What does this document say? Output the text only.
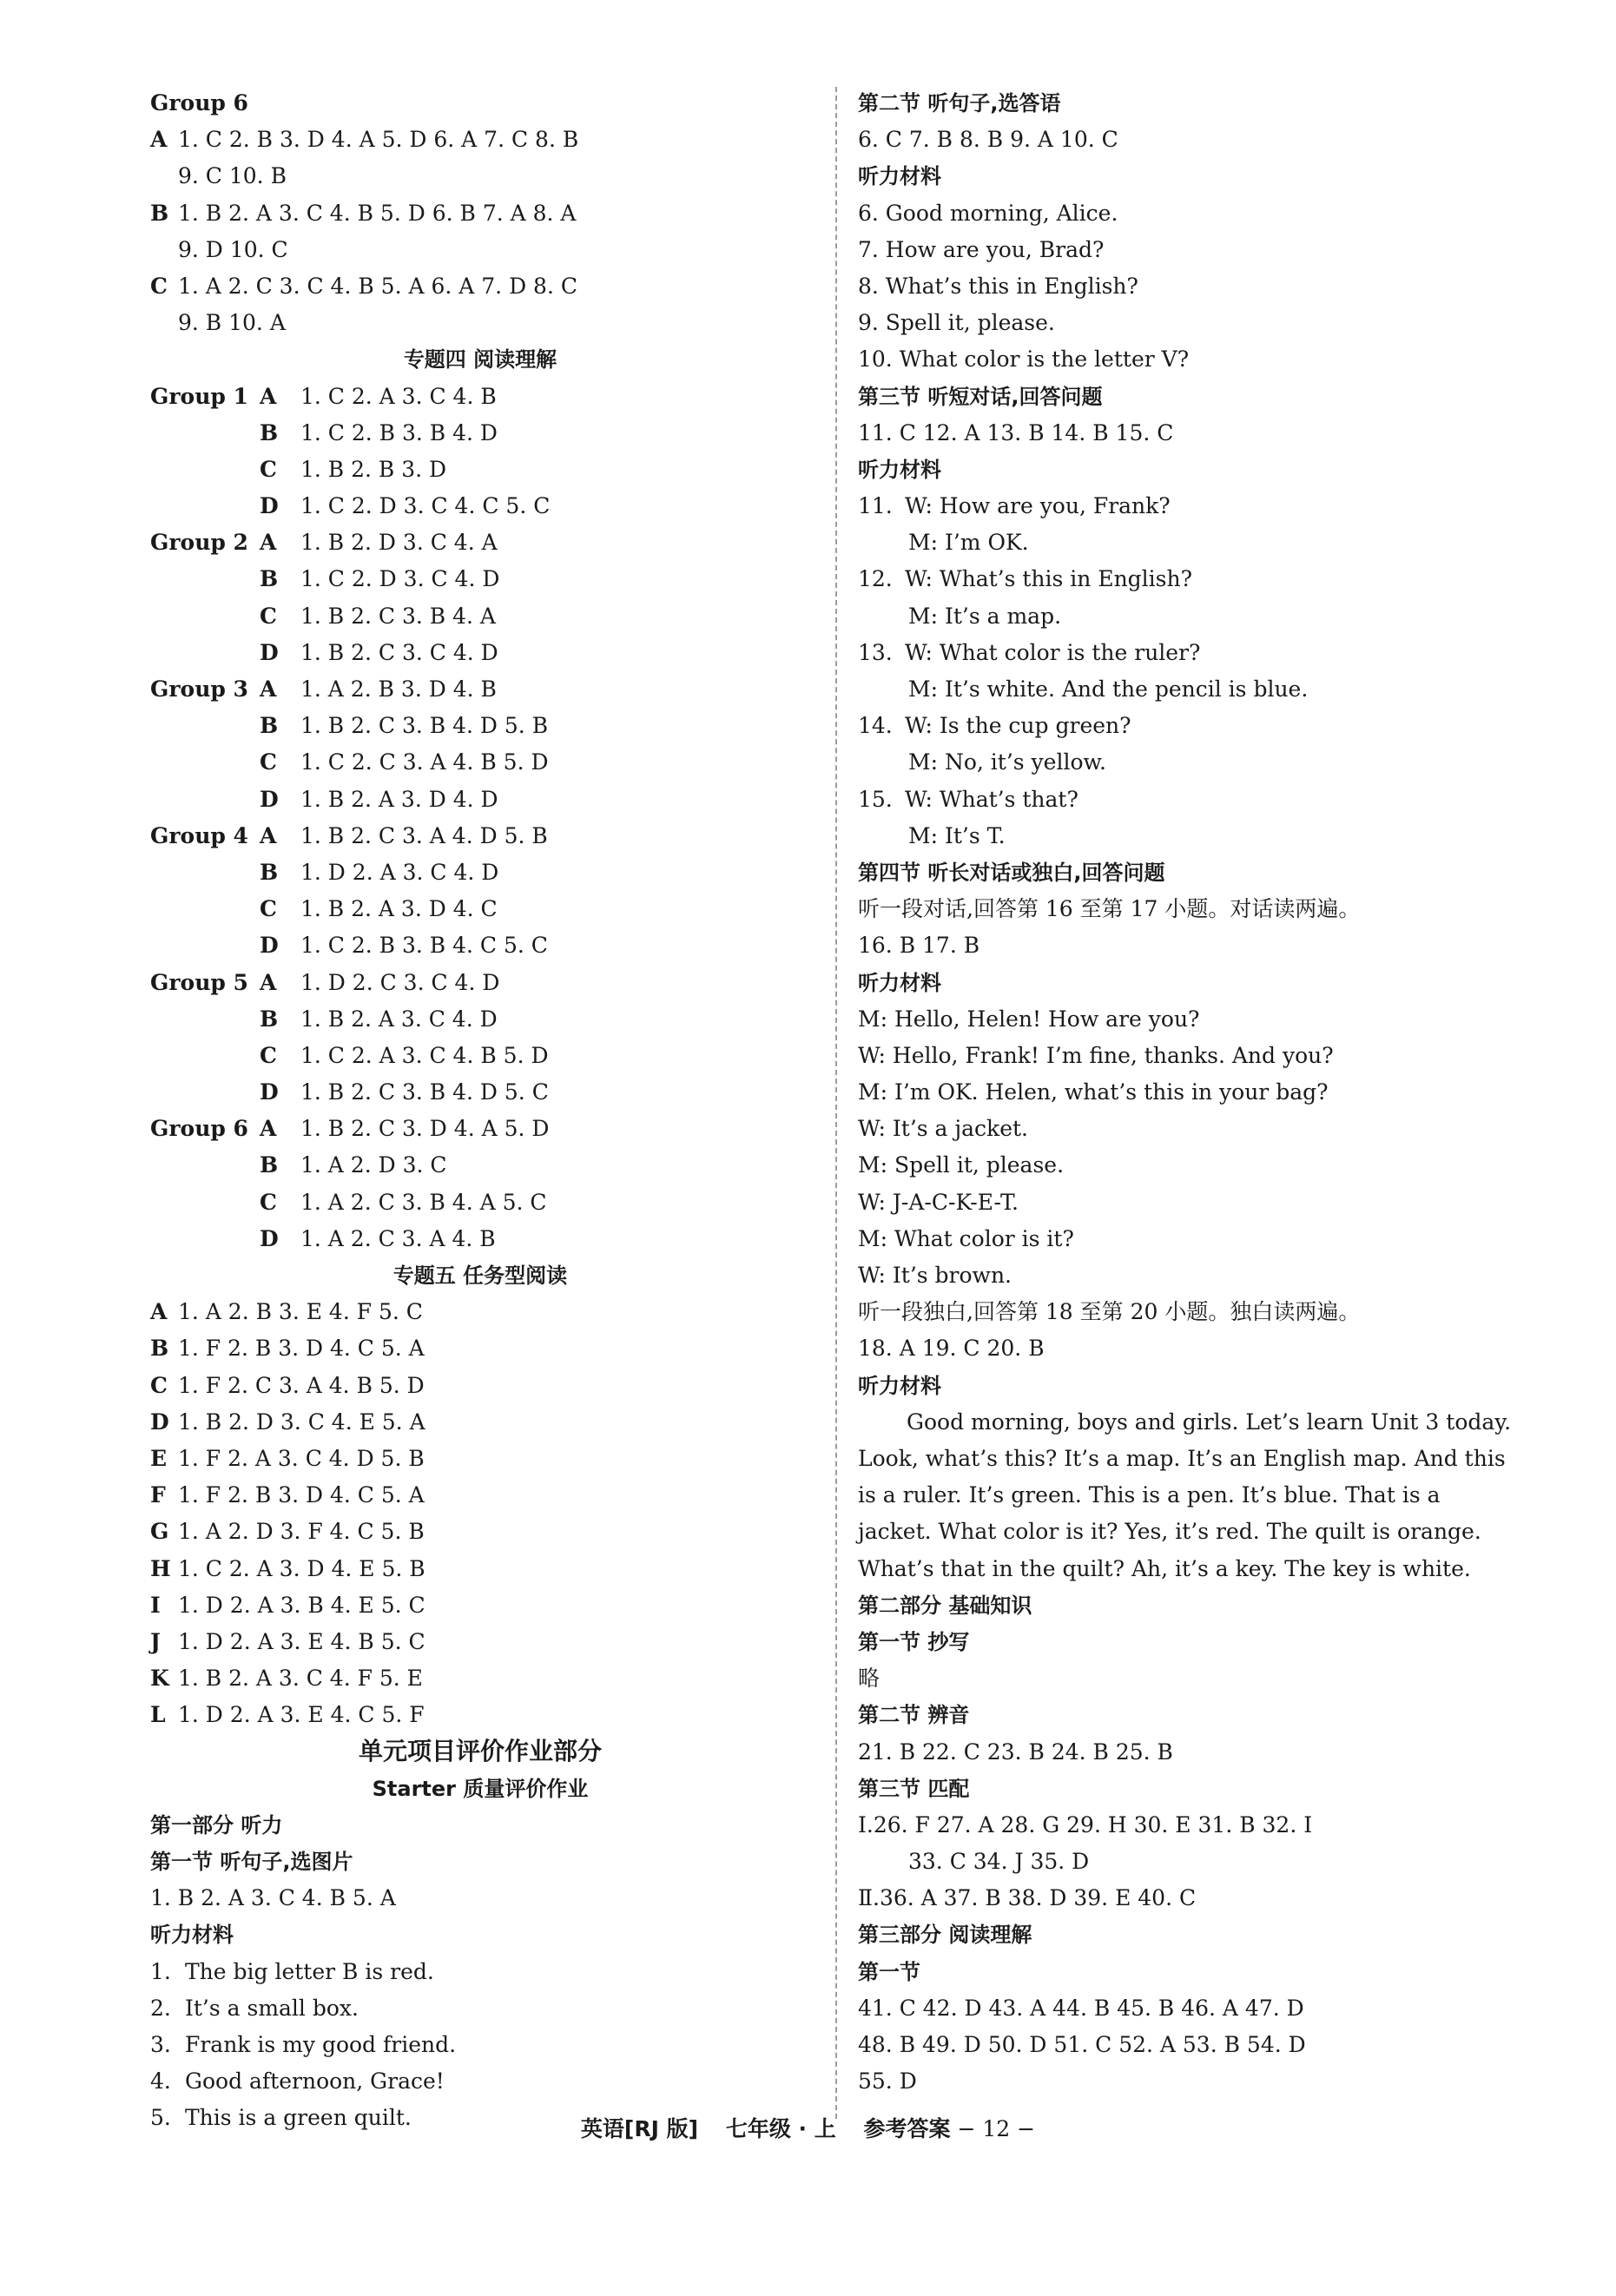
Group 6
A 1. C 2. B 3. D 4. A 5. D 6. A 7. C 8. B
9. C 10. B
B 1. B 2. A 3. C 4. B 5. D 6. B 7. A 8. A
9. D 10. C
C 1. A 2. C 3. C 4. B 5. A 6. A 7. D 8. C
9. B 10. A
专题四 阅读理解
Group 1 A 1. C 2. A 3. C 4. B
B 1. C 2. B 3. B 4. D
C 1. B 2. B 3. D
D 1. C 2. D 3. C 4. C 5. C
Group 2 A 1. B 2. D 3. C 4. A
B 1. C 2. D 3. C 4. D
C 1. B 2. C 3. B 4. A
D 1. B 2. C 3. C 4. D
Group 3 A 1. A 2. B 3. D 4. B
B 1. B 2. C 3. B 4. D 5. B
C 1. C 2. C 3. A 4. B 5. D
D 1. B 2. A 3. D 4. D
Group 4 A 1. B 2. C 3. A 4. D 5. B
B 1. D 2. A 3. C 4. D
C 1. B 2. A 3. D 4. C
D 1. C 2. B 3. B 4. C 5. C
Group 5 A 1. D 2. C 3. C 4. D
B 1. B 2. A 3. C 4. D
C 1. C 2. A 3. C 4. B 5. D
D 1. B 2. C 3. B 4. D 5. C
Group 6 A 1. B 2. C 3. D 4. A 5. D
B 1. A 2. D 3. C
C 1. A 2. C 3. B 4. A 5. C
D 1. A 2. C 3. A 4. B
专题五 任务型阅读
A 1. A 2. B 3. E 4. F 5. C
B 1. F 2. B 3. D 4. C 5. A
C 1. F 2. C 3. A 4. B 5. D
D 1. B 2. D 3. C 4. E 5. A
E 1. F 2. A 3. C 4. D 5. B
F 1. F 2. B 3. D 4. C 5. A
G 1. A 2. D 3. F 4. C 5. B
H 1. C 2. A 3. D 4. E 5. B
I 1. D 2. A 3. B 4. E 5. C
J 1. D 2. A 3. E 4. B 5. C
K 1. B 2. A 3. C 4. F 5. E
L 1. D 2. A 3. E 4. C 5. F
单元项目评价作业部分
Starter 质量评价作业
第一部分 听力
第一节 听句子,选图片
1. B 2. A 3. C 4. B 5. A
听力材料
1. The big letter B is red.
2. It’s a small box.
3. Frank is my good friend.
4. Good afternoon, Grace!
5. This is a green quilt.
第二节 听句子,选答语
6. C 7. B 8. B 9. A 10. C
听力材料
6. Good morning, Alice.
7. How are you, Brad?
8. What’s this in English?
9. Spell it, please.
10. What color is the letter V?
第三节 听短对话,回答问题
11. C 12. A 13. B 14. B 15. C
听力材料
11. W: How are you, Frank?
M: I’m OK.
12. W: What’s this in English?
M: It’s a map.
13. W: What color is the ruler?
M: It’s white. And the pencil is blue.
14. W: Is the cup green?
M: No, it’s yellow.
15. W: What’s that?
M: It’s T.
第四节 听长对话或独白,回答问题
听一段对话,回答第 16 至第 17 小题。对话读两遍。
16. B 17. B
听力材料
M: Hello, Helen! How are you?
W: Hello, Frank! I’m fine, thanks. And you?
M: I’m OK. Helen, what’s this in your bag?
W: It’s a jacket.
M: Spell it, please.
W: J-A-C-K-E-T.
M: What color is it?
W: It’s brown.
听一段独白,回答第 18 至第 20 小题。独白读两遍。
18. A 19. C 20. B
听力材料
Good morning, boys and girls. Let’s learn Unit 3 today. Look, what’s this? It’s a map. It’s an English map. And this is a ruler. It’s green. This is a pen. It’s blue. That is a jacket. What color is it? Yes, it’s red. The quilt is orange. What’s that in the quilt? Ah, it’s a key. The key is white.
第二部分 基础知识
第一节 抄写
略
第二节 辨音
21. B 22. C 23. B 24. B 25. B
第三节 匹配
Ⅰ.26. F 27. A 28. G 29. H 30. E 31. B 32. I
33. C 34. J 35. D
Ⅱ.36. A 37. B 38. D 39. E 40. C
第三部分 阅读理解
第一节
41. C 42. D 43. A 44. B 45. B 46. A 47. D
48. B 49. D 50. D 51. C 52. A 53. B 54. D
55. D
英语[RJ 版] 七年级 · 上 参考答案 − 12 −
